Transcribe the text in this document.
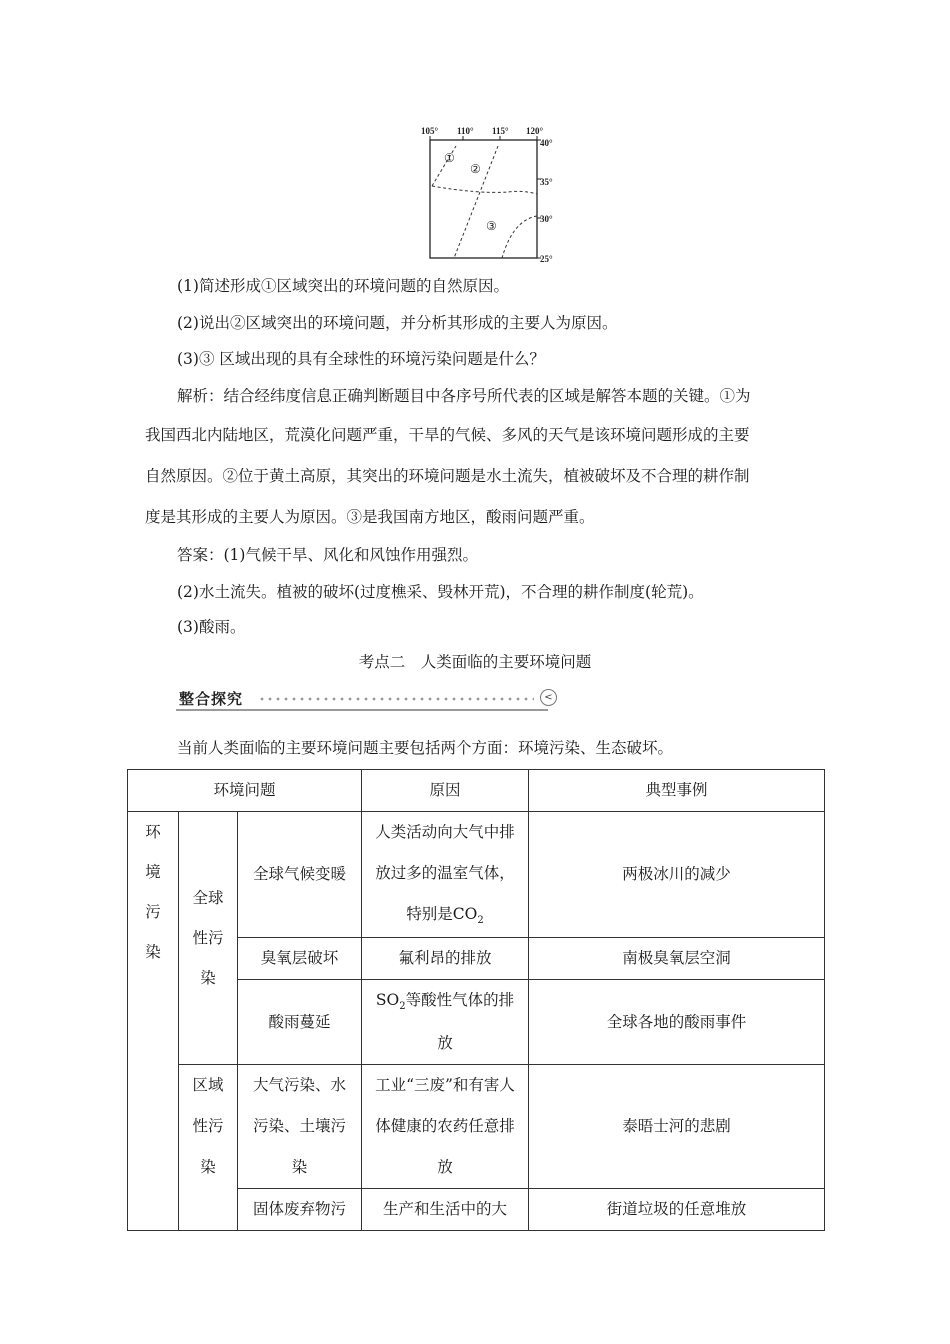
105° 110° 115° 120°
40°
35°
30°
25°
①
②
③
(1)简述形成①区域突出的环境问题的自然原因。
(2)说出②区域突出的环境问题，并分析其形成的主要人为原因。
(3)③ 区域出现的具有全球性的环境污染问题是什么？
解析：结合经纬度信息正确判断题目中各序号所代表的区域是解答本题的关键。①为
我国西北内陆地区，荒漠化问题严重，干旱的气候、多风的天气是该环境问题形成的主要
自然原因。②位于黄土高原，其突出的环境问题是水土流失，植被破坏及不合理的耕作制
度是其形成的主要人为原因。③是我国南方地区，酸雨问题严重。
答案：(1)气候干旱、风化和风蚀作用强烈。
(2)水土流失。植被的破坏(过度樵采、毁林开荒)，不合理的耕作制度(轮荒)。
(3)酸雨。
考点二　人类面临的主要环境问题
整合探究	<
当前人类面临的主要环境问题主要包括两个方面：环境污染、生态破坏。
环境问题			原因	典型事例
环境污染	全球性污染	全球气候变暖	人类活动向大气中排放过多的温室气体，特别是$CO_2$	两极冰川的减少
		臭氧层破坏	氟利昂的排放	南极臭氧层空洞
		酸雨蔓延	$SO_2$等酸性气体的排放	全球各地的酸雨事件
	区域性污染	大气污染、水污染、土壤污染	工业“三废”和有害人体健康的农药任意排放	泰晤士河的悲剧
		固体废弃物污	生产和生活中的大	街道垃圾的任意堆放
